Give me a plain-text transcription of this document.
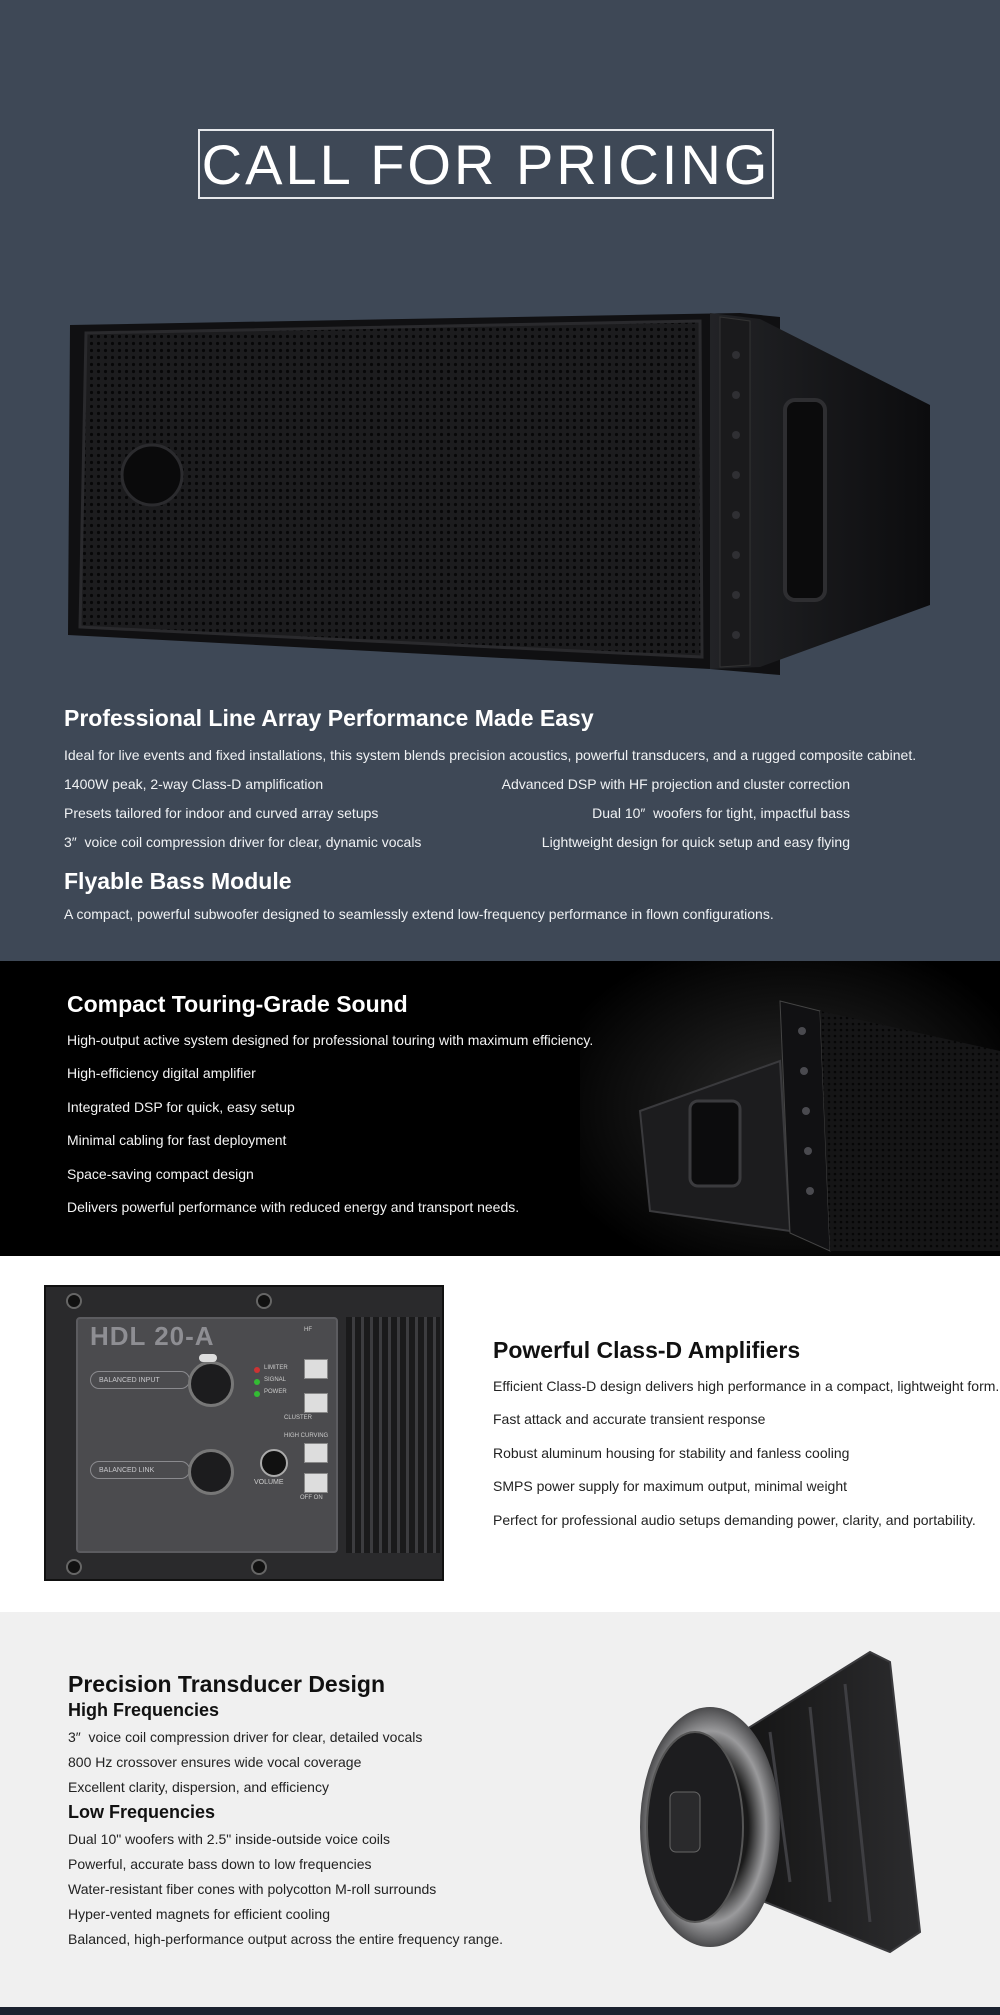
CALL FOR PRICING
Professional Line Array Performance Made Easy
Ideal for live events and fixed installations, this system blends precision acoustics, powerful transducers, and a rugged composite cabinet.
1400W peak, 2-way Class-D amplification
Presets tailored for indoor and curved array setups
3″  voice coil compression driver for clear, dynamic vocals
Advanced DSP with HF projection and cluster correction
Dual 10″  woofers for tight, impactful bass
Lightweight design for quick setup and easy flying
Flyable Bass Module
A compact, powerful subwoofer designed to seamlessly extend low-frequency performance in flown configurations.
Compact Touring-Grade Sound
High-output active system designed for professional touring with maximum efficiency.
High-efficiency digital amplifier
Integrated DSP for quick, easy setup
Minimal cabling for fast deployment
Space-saving compact design
Delivers powerful performance with reduced energy and transport needs.
HDL 20-A
BALANCED INPUT
BALANCED LINK
LIMITER
SIGNAL
POWER
VOLUME
HF
CLUSTER
HIGH CURVING
OFF ON
Powerful Class-D Amplifiers
Efficient Class-D design delivers high performance in a compact, lightweight form.
Fast attack and accurate transient response
Robust aluminum housing for stability and fanless cooling
SMPS power supply for maximum output, minimal weight
Perfect for professional audio setups demanding power, clarity, and portability.
Precision Transducer Design
High Frequencies
3″  voice coil compression driver for clear, detailed vocals
800 Hz crossover ensures wide vocal coverage
Excellent clarity, dispersion, and efficiency
Low Frequencies
Dual 10" woofers with 2.5" inside-outside voice coils
Powerful, accurate bass down to low frequencies
Water-resistant fiber cones with polycotton M-roll surrounds
Hyper-vented magnets for efficient cooling
Balanced, high-performance output across the entire frequency range.
